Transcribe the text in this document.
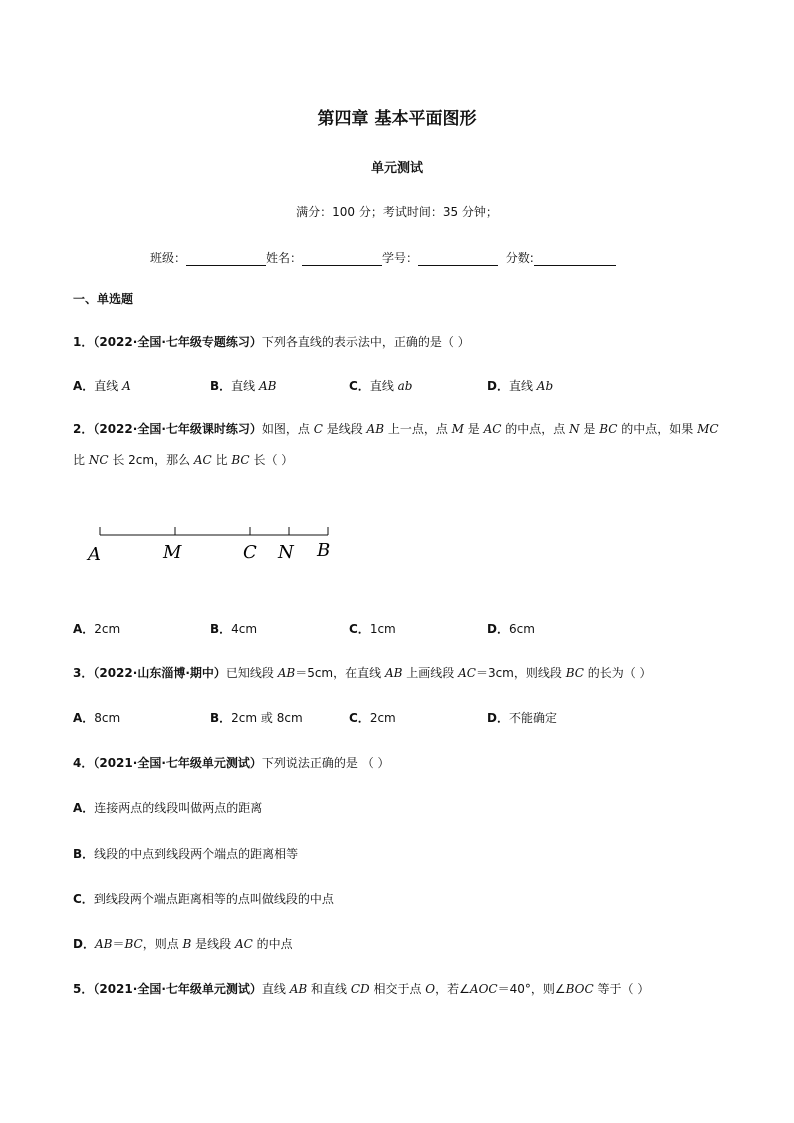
第四章 基本平面图形
单元测试
满分：100 分；考试时间：35 分钟；
班级：	姓名：	学号：	分数:
一、单选题
1．（2022·全国·七年级专题练习）下列各直线的表示法中，正确的是（ ）
A．直线 A	B．直线 AB	C．直线 ab	D．直线 Ab
2．（2022·全国·七年级课时练习）如图，点 C 是线段 AB 上一点，点 M 是 AC 的中点，点 N 是 BC 的中点，如果 MC 比 NC 长 2cm，那么 AC 比 BC 长（ ）
A	M	C N B
A．2cm	B．4cm	C．1cm	D．6cm
3．（2022·山东淄博·期中）已知线段 AB＝5cm，在直线 AB 上画线段 AC＝3cm，则线段 BC 的长为（ ）
A．8cm	B．2cm 或 8cm	C．2cm	D．不能确定
4．（2021·全国·七年级单元测试）下列说法正确的是 （ ）
A．连接两点的线段叫做两点的距离
B．线段的中点到线段两个端点的距离相等
C．到线段两个端点距离相等的点叫做线段的中点
D．AB＝BC，则点 B 是线段 AC 的中点
5．（2021·全国·七年级单元测试）直线 AB 和直线 CD 相交于点 O，若∠AOC＝40°，则∠BOC 等于（ ）
